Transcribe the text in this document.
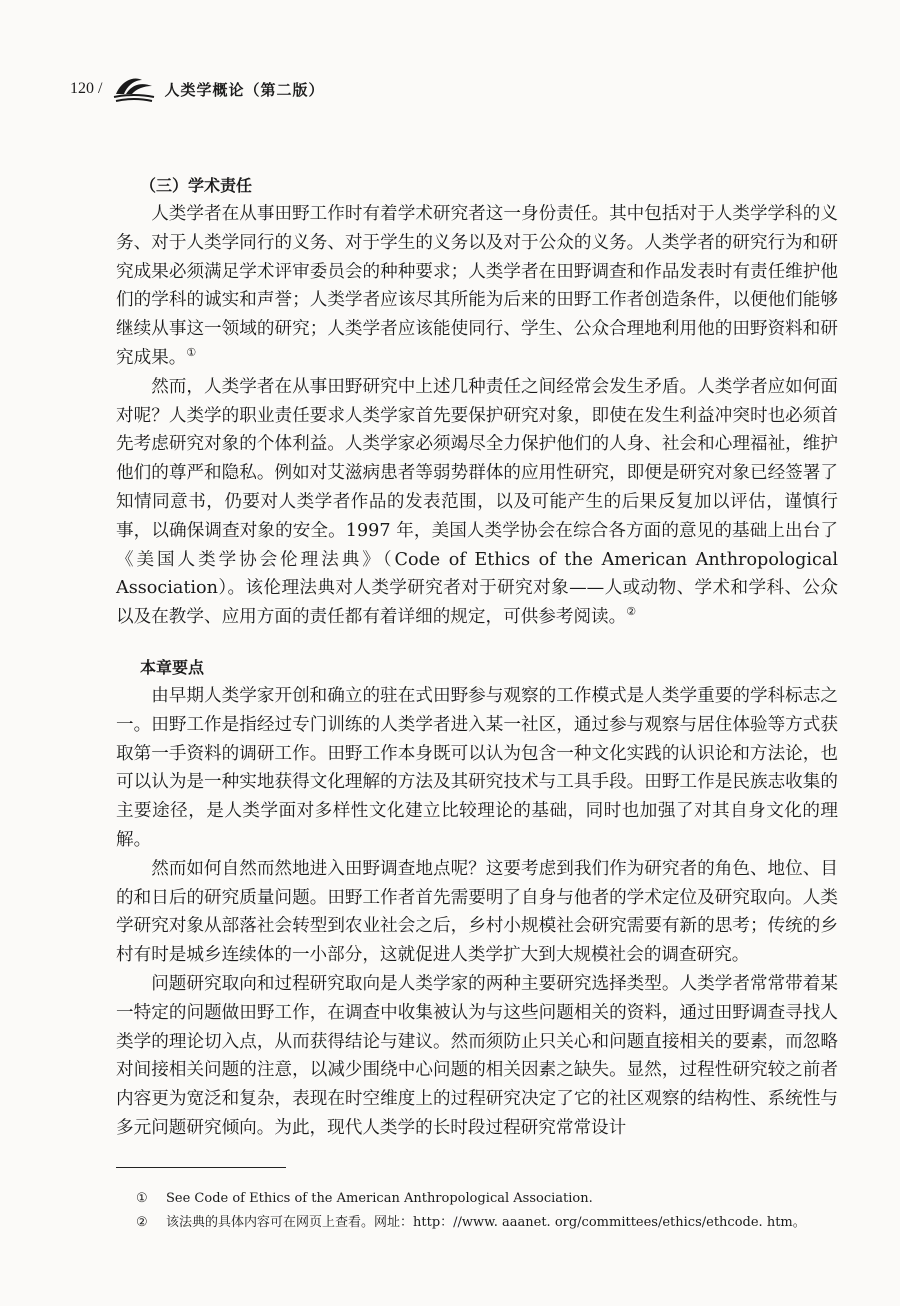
120 /	人类学概论（第二版）

（三）学术责任

人类学者在从事田野工作时有着学术研究者这一身份责任。其中包括对于人类学学科的义务、对于人类学同行的义务、对于学生的义务以及对于公众的义务。人类学者的研究行为和研究成果必须满足学术评审委员会的种种要求；人类学者在田野调查和作品发表时有责任维护他们的学科的诚实和声誉；人类学者应该尽其所能为后来的田野工作者创造条件，以便他们能够继续从事这一领域的研究；人类学者应该能使同行、学生、公众合理地利用他的田野资料和研究成果。①

然而，人类学者在从事田野研究中上述几种责任之间经常会发生矛盾。人类学者应如何面对呢？人类学的职业责任要求人类学家首先要保护研究对象，即使在发生利益冲突时也必须首先考虑研究对象的个体利益。人类学家必须竭尽全力保护他们的人身、社会和心理福祉，维护他们的尊严和隐私。例如对艾滋病患者等弱势群体的应用性研究，即便是研究对象已经签署了知情同意书，仍要对人类学者作品的发表范围，以及可能产生的后果反复加以评估，谨慎行事，以确保调查对象的安全。1997 年，美国人类学协会在综合各方面的意见的基础上出台了《美国人类学协会伦理法典》（Code of Ethics of the American Anthropological Association）。该伦理法典对人类学研究者对于研究对象——人或动物、学术和学科、公众以及在教学、应用方面的责任都有着详细的规定，可供参考阅读。②

本章要点

由早期人类学家开创和确立的驻在式田野参与观察的工作模式是人类学重要的学科标志之一。田野工作是指经过专门训练的人类学者进入某一社区，通过参与观察与居住体验等方式获取第一手资料的调研工作。田野工作本身既可以认为包含一种文化实践的认识论和方法论，也可以认为是一种实地获得文化理解的方法及其研究技术与工具手段。田野工作是民族志收集的主要途径，是人类学面对多样性文化建立比较理论的基础，同时也加强了对其自身文化的理解。

然而如何自然而然地进入田野调查地点呢？这要考虑到我们作为研究者的角色、地位、目的和日后的研究质量问题。田野工作者首先需要明了自身与他者的学术定位及研究取向。人类学研究对象从部落社会转型到农业社会之后，乡村小规模社会研究需要有新的思考；传统的乡村有时是城乡连续体的一小部分，这就促进人类学扩大到大规模社会的调查研究。

问题研究取向和过程研究取向是人类学家的两种主要研究选择类型。人类学者常常带着某一特定的问题做田野工作，在调查中收集被认为与这些问题相关的资料，通过田野调查寻找人类学的理论切入点，从而获得结论与建议。然而须防止只关心和问题直接相关的要素，而忽略对间接相关问题的注意，以减少围绕中心问题的相关因素之缺失。显然，过程性研究较之前者内容更为宽泛和复杂，表现在时空维度上的过程研究决定了它的社区观察的结构性、系统性与多元问题研究倾向。为此，现代人类学的长时段过程研究常常设计

①	See Code of Ethics of the American Anthropological Association.

②	该法典的具体内容可在网页上查看。网址：http：//www. aaanet. org/committees/ethics/ethcode. htm。
